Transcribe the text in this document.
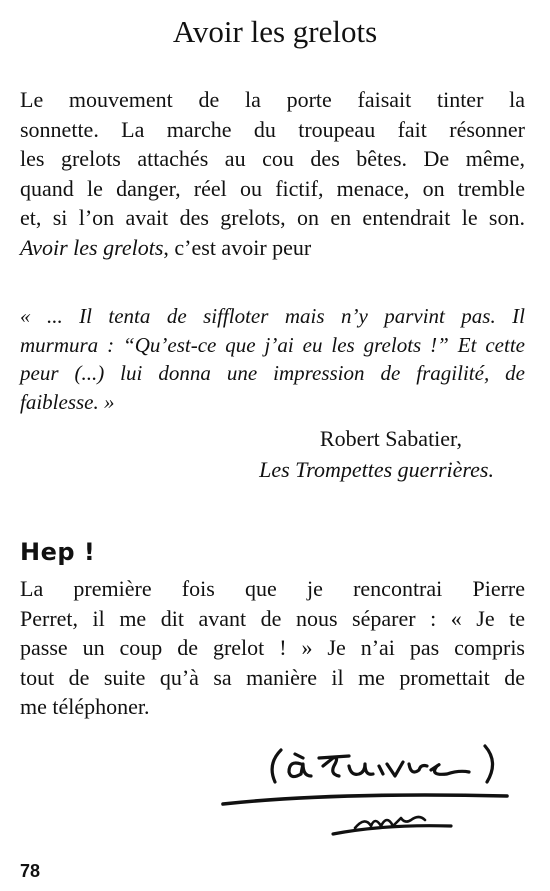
Avoir les grelots
Le mouvement de la porte faisait tinter la
sonnette. La marche du troupeau fait résonner
les grelots attachés au cou des bêtes. De même,
quand le danger, réel ou fictif, menace, on tremble
et, si l’on avait des grelots, on en entendrait le son.
Avoir les grelots, c’est avoir peur
« ... Il tenta de siffloter mais n’y parvint pas. Il
murmura : “Qu’est-ce que j’ai eu les grelots !” Et cette
peur (...) lui donna une impression de fragilité, de
faiblesse. »
Robert Sabatier,
Les Trompettes guerrières.
Hep !
La première fois que je rencontrai Pierre
Perret, il me dit avant de nous séparer : « Je te
passe un coup de grelot ! » Je n’ai pas compris
tout de suite qu’à sa manière il me promettait de
me téléphoner.
78
